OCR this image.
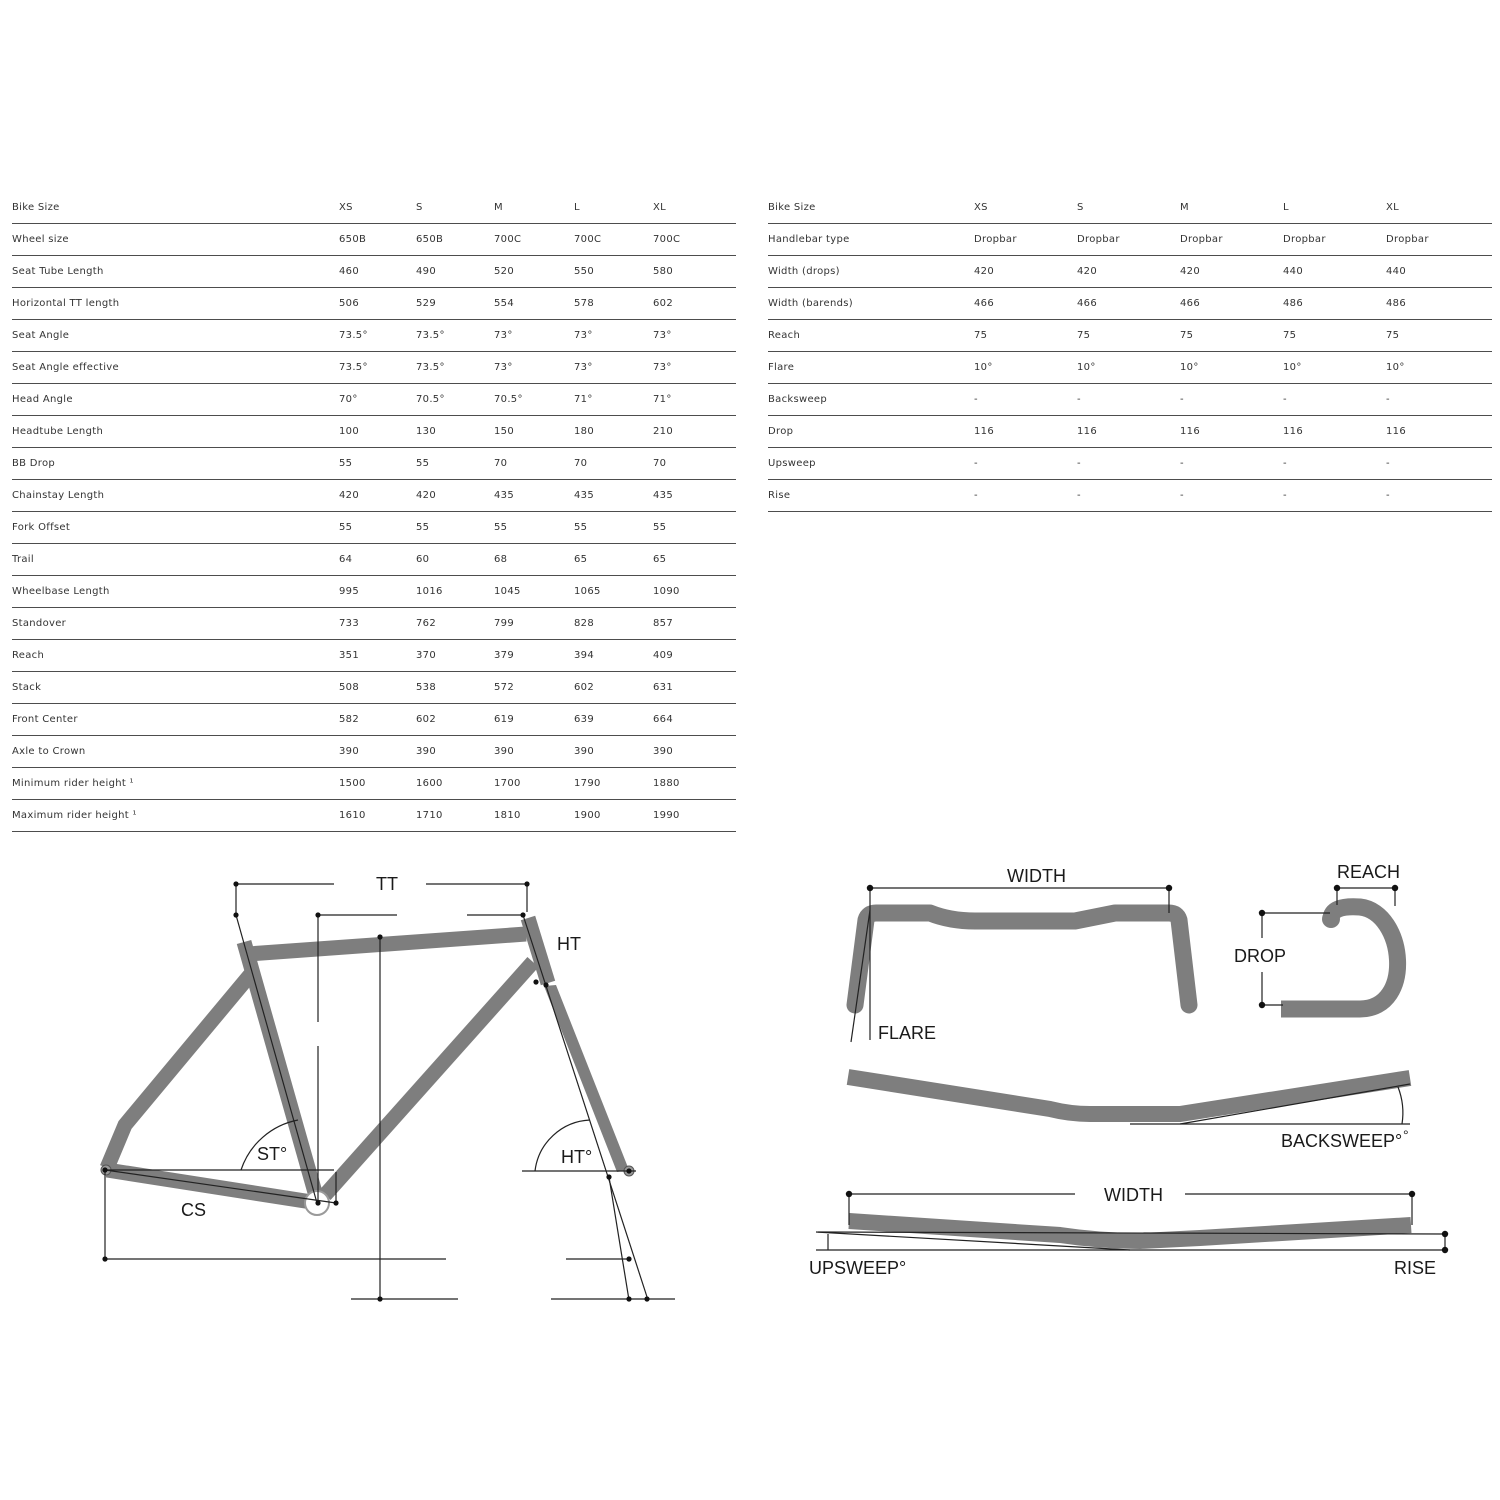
Bike Size	XS	S	M	L	XL
Wheel size	650B	650B	700C	700C	700C
Seat Tube Length	460	490	520	550	580
Horizontal TT length	506	529	554	578	602
Seat Angle	73.5°	73.5°	73°	73°	73°
Seat Angle effective	73.5°	73.5°	73°	73°	73°
Head Angle	70°	70.5°	70.5°	71°	71°
Headtube Length	100	130	150	180	210
BB Drop	55	55	70	70	70
Chainstay Length	420	420	435	435	435
Fork Offset	55	55	55	55	55
Trail	64	60	68	65	65
Wheelbase Length	995	1016	1045	1065	1090
Standover	733	762	799	828	857
Reach	351	370	379	394	409
Stack	508	538	572	602	631
Front Center	582	602	619	639	664
Axle to Crown	390	390	390	390	390
Minimum rider height ¹	1500	1600	1700	1790	1880
Maximum rider height ¹	1610	1710	1810	1900	1990
Bike Size	XS	S	M	L	XL
Handlebar type	Dropbar	Dropbar	Dropbar	Dropbar	Dropbar
Width (drops)	420	420	420	440	440
Width (barends)	466	466	466	486	486
Reach	75	75	75	75	75
Flare	10°	10°	10°	10°	10°
Backsweep	-	-	-	-	-
Drop	116	116	116	116	116
Upsweep	-	-	-	-	-
Rise	-	-	-	-	-
TT
HT
ST°	HT°
CS
WIDTH
FLARE
REACH
DROP
BACKSWEEP° °
WIDTH
UPSWEEP°	RISE
